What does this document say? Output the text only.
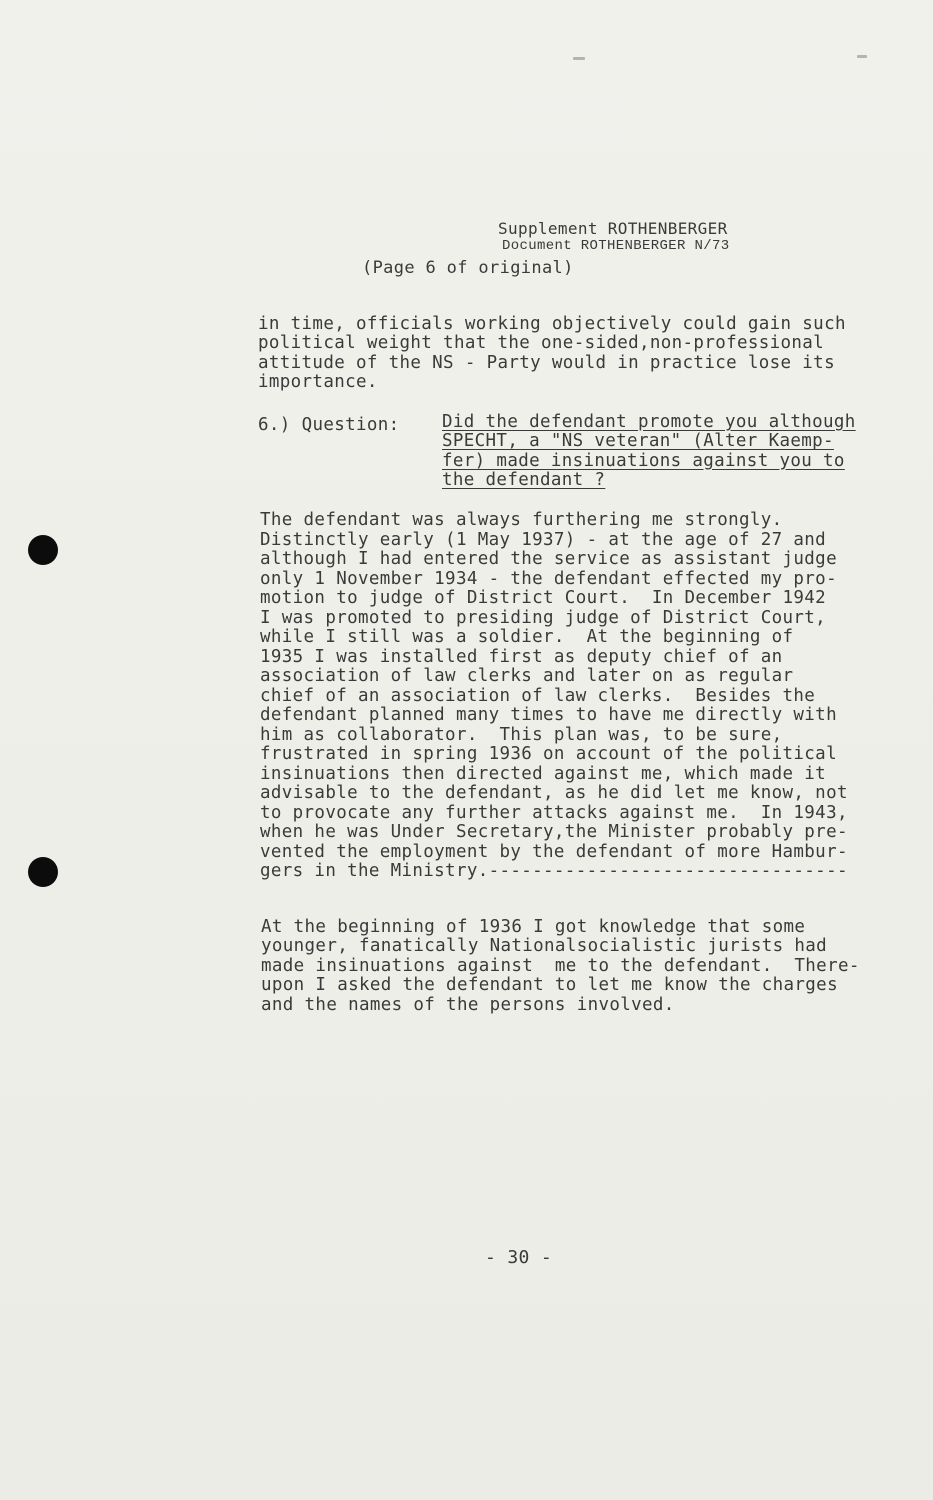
Supplement ROTHENBERGER
Document ROTHENBERGER N/73
(Page 6 of original)
in time, officials working objectively could gain such
political weight that the one-sided,non-professional
attitude of the NS - Party would in practice lose its
importance.
6.) Question: Did the defendant promote you although
SPECHT, a "NS veteran" (Alter Kaemp-
fer) made insinuations against you to
the defendant ?
The defendant was always furthering me strongly.
Distinctly early (1 May 1937) - at the age of 27 and
although I had entered the service as assistant judge
only 1 November 1934 - the defendant effected my pro-
motion to judge of District Court.  In December 1942
I was promoted to presiding judge of District Court,
while I still was a soldier.  At the beginning of
1935 I was installed first as deputy chief of an
association of law clerks and later on as regular
chief of an association of law clerks.  Besides the
defendant planned many times to have me directly with
him as collaborator.  This plan was, to be sure,
frustrated in spring 1936 on account of the political
insinuations then directed against me, which made it
advisable to the defendant, as he did let me know, not
to provocate any further attacks against me.  In 1943,
when he was Under Secretary,the Minister probably pre-
vented the employment by the defendant of more Hambur-
gers in the Ministry.---------------------------------
At the beginning of 1936 I got knowledge that some
younger, fanatically Nationalsocialistic jurists had
made insinuations against  me to the defendant.  There-
upon I asked the defendant to let me know the charges
and the names of the persons involved.
- 30 -
